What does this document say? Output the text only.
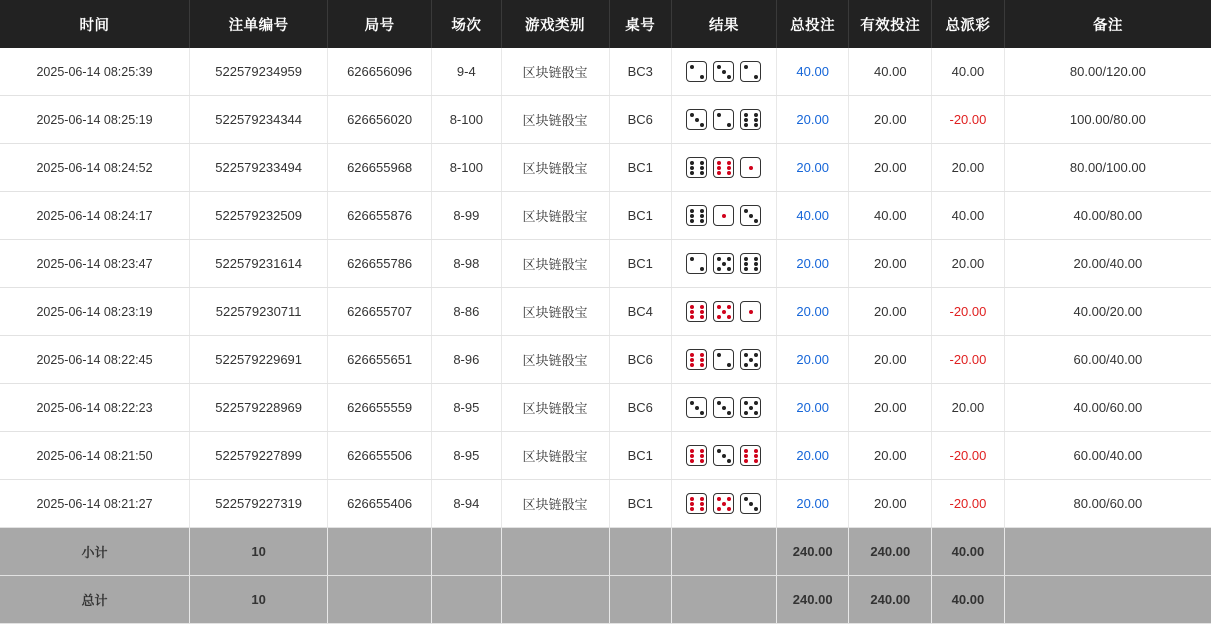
时间	注单编号	局号	场次	游戏类别	桌号	结果	总投注	有效投注	总派彩	备注
2025-06-14 08:25:39	522579234959	626656096	9-4	区块链骰宝	BC3		40.00	40.00	40.00	80.00/120.00
2025-06-14 08:25:19	522579234344	626656020	8-100	区块链骰宝	BC6		20.00	20.00	-20.00	100.00/80.00
2025-06-14 08:24:52	522579233494	626655968	8-100	区块链骰宝	BC1		20.00	20.00	20.00	80.00/100.00
2025-06-14 08:24:17	522579232509	626655876	8-99	区块链骰宝	BC1		40.00	40.00	40.00	40.00/80.00
2025-06-14 08:23:47	522579231614	626655786	8-98	区块链骰宝	BC1		20.00	20.00	20.00	20.00/40.00
2025-06-14 08:23:19	522579230711	626655707	8-86	区块链骰宝	BC4		20.00	20.00	-20.00	40.00/20.00
2025-06-14 08:22:45	522579229691	626655651	8-96	区块链骰宝	BC6		20.00	20.00	-20.00	60.00/40.00
2025-06-14 08:22:23	522579228969	626655559	8-95	区块链骰宝	BC6		20.00	20.00	20.00	40.00/60.00
2025-06-14 08:21:50	522579227899	626655506	8-95	区块链骰宝	BC1		20.00	20.00	-20.00	60.00/40.00
2025-06-14 08:21:27	522579227319	626655406	8-94	区块链骰宝	BC1		20.00	20.00	-20.00	80.00/60.00
小计	10						240.00	240.00	40.00	
总计	10						240.00	240.00	40.00	
